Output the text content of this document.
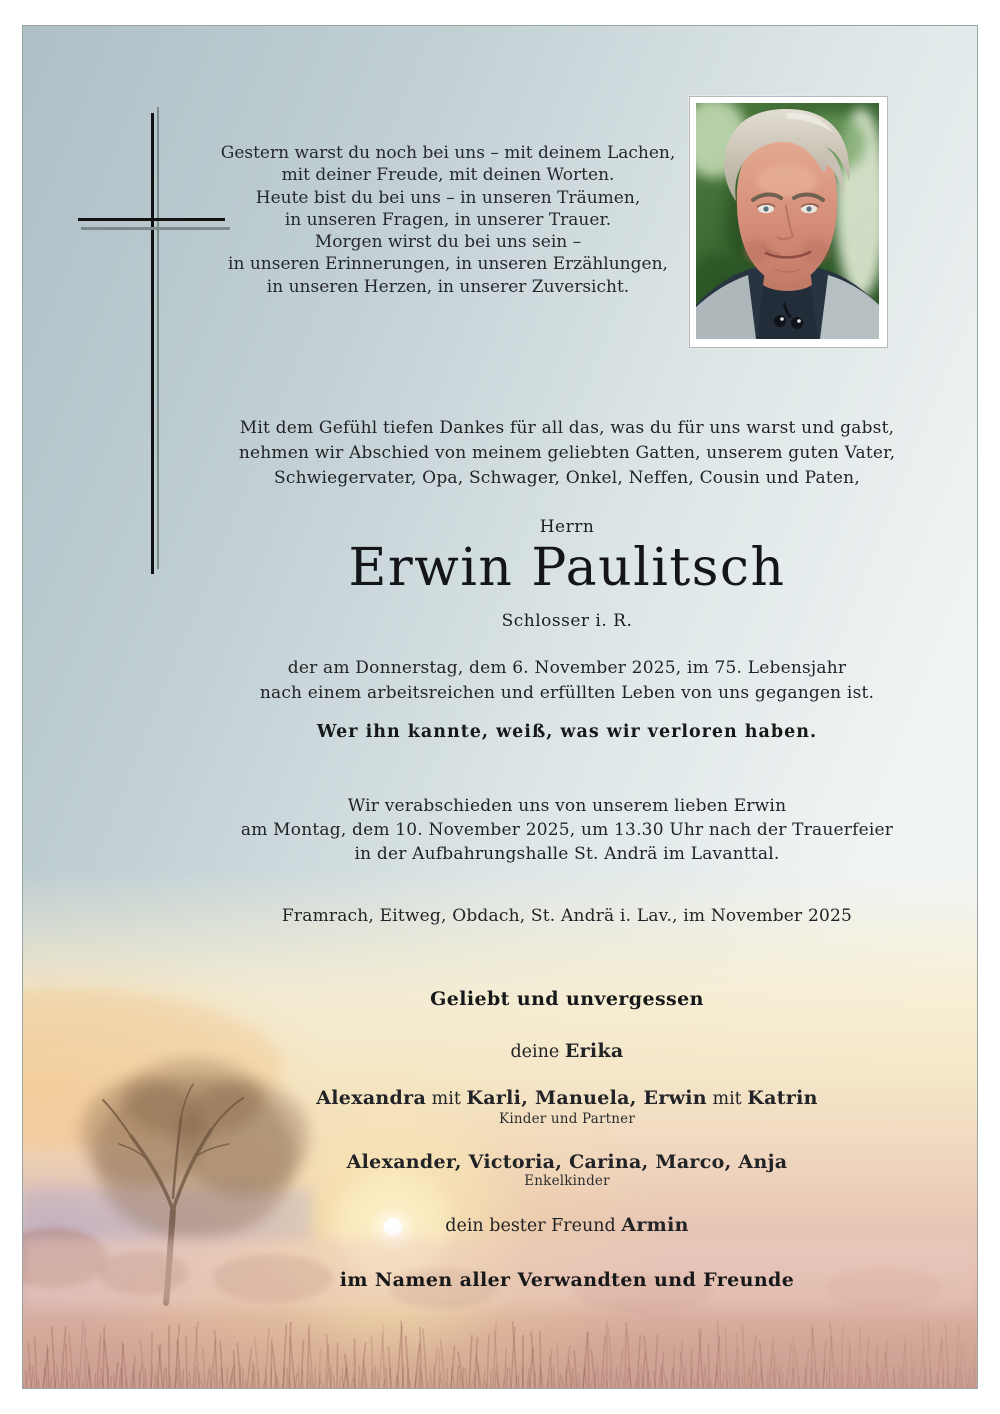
Gestern warst du noch bei uns – mit deinem Lachen,
mit deiner Freude, mit deinen Worten.
Heute bist du bei uns – in unseren Träumen,
in unseren Fragen, in unserer Trauer.
Morgen wirst du bei uns sein –
in unseren Erinnerungen, in unseren Erzählungen,
in unseren Herzen, in unserer Zuversicht.
Mit dem Gefühl tiefen Dankes für all das, was du für uns warst und gabst,
nehmen wir Abschied von meinem geliebten Gatten, unserem guten Vater,
Schwiegervater, Opa, Schwager, Onkel, Neffen, Cousin und Paten,
Herrn
Erwin Paulitsch
Schlosser i. R.
der am Donnerstag, dem 6. November 2025, im 75. Lebensjahr
nach einem arbeitsreichen und erfüllten Leben von uns gegangen ist.
Wer ihn kannte, weiß, was wir verloren haben.
Wir verabschieden uns von unserem lieben Erwin
am Montag, dem 10. November 2025, um 13.30 Uhr nach der Trauerfeier
in der Aufbahrungshalle St. Andrä im Lavanttal.
Framrach, Eitweg, Obdach, St. Andrä i. Lav., im November 2025
Geliebt und unvergessen
deine Erika
Alexandra mit Karli, Manuela, Erwin mit Katrin
Kinder und Partner
Alexander, Victoria, Carina, Marco, Anja
Enkelkinder
dein bester Freund Armin
im Namen aller Verwandten und Freunde
